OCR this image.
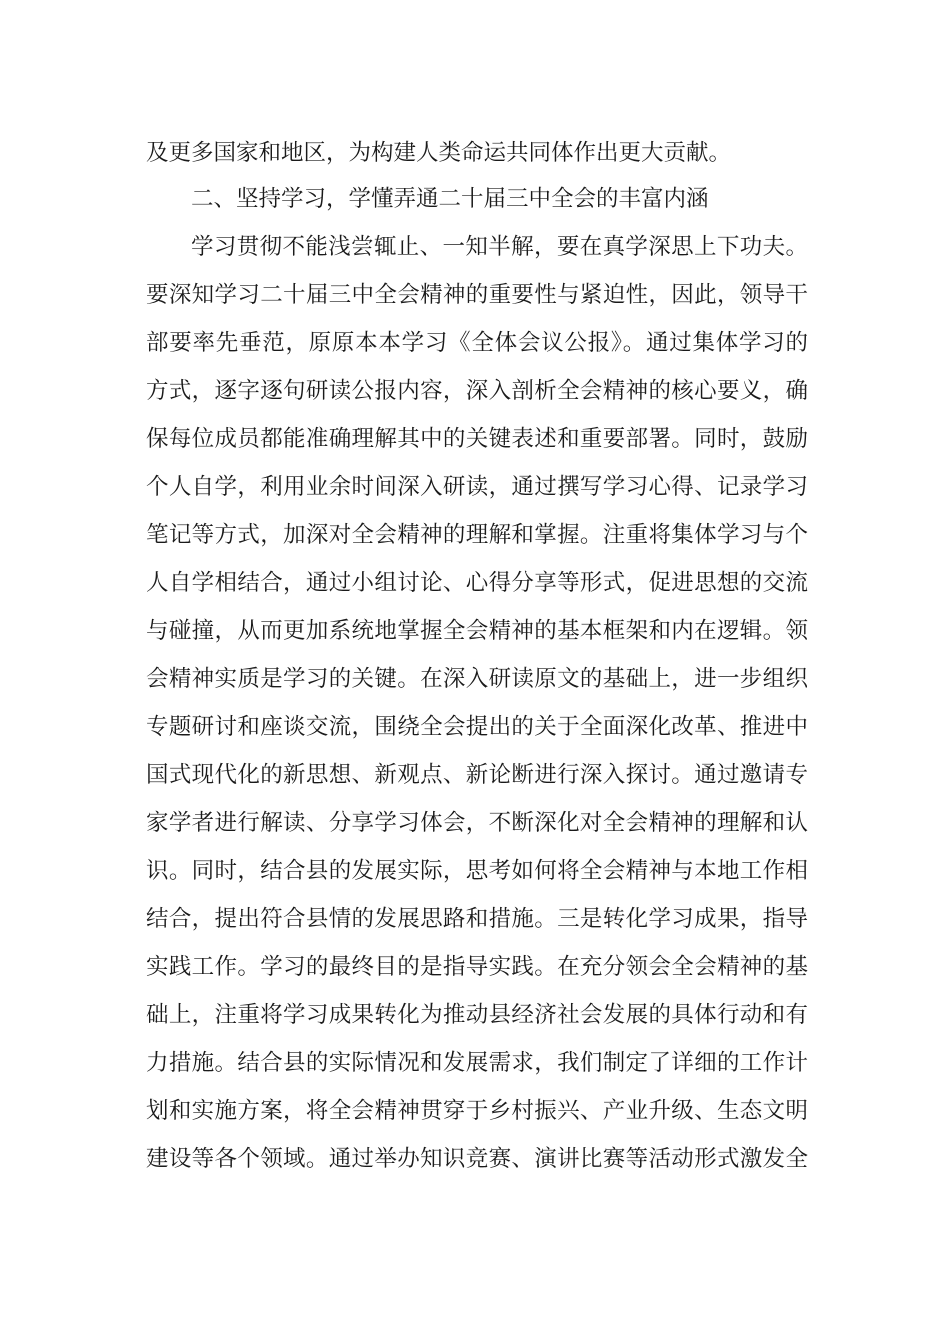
及更多国家和地区，为构建人类命运共同体作出更大贡献。
二、坚持学习，学懂弄通二十届三中全会的丰富内涵
学习贯彻不能浅尝辄止、一知半解，要在真学深思上下功夫。
要深知学习二十届三中全会精神的重要性与紧迫性，因此，领导干
部要率先垂范，原原本本学习《全体会议公报》。通过集体学习的
方式，逐字逐句研读公报内容，深入剖析全会精神的核心要义，确
保每位成员都能准确理解其中的关键表述和重要部署。同时，鼓励
个人自学，利用业余时间深入研读，通过撰写学习心得、记录学习
笔记等方式，加深对全会精神的理解和掌握。注重将集体学习与个
人自学相结合，通过小组讨论、心得分享等形式，促进思想的交流
与碰撞，从而更加系统地掌握全会精神的基本框架和内在逻辑。领
会精神实质是学习的关键。在深入研读原文的基础上，进一步组织
专题研讨和座谈交流，围绕全会提出的关于全面深化改革、推进中
国式现代化的新思想、新观点、新论断进行深入探讨。通过邀请专
家学者进行解读、分享学习体会，不断深化对全会精神的理解和认
识。同时，结合县的发展实际，思考如何将全会精神与本地工作相
结合，提出符合县情的发展思路和措施。三是转化学习成果，指导
实践工作。学习的最终目的是指导实践。在充分领会全会精神的基
础上，注重将学习成果转化为推动县经济社会发展的具体行动和有
力措施。结合县的实际情况和发展需求，我们制定了详细的工作计
划和实施方案，将全会精神贯穿于乡村振兴、产业升级、生态文明
建设等各个领域。通过举办知识竞赛、演讲比赛等活动形式激发全
